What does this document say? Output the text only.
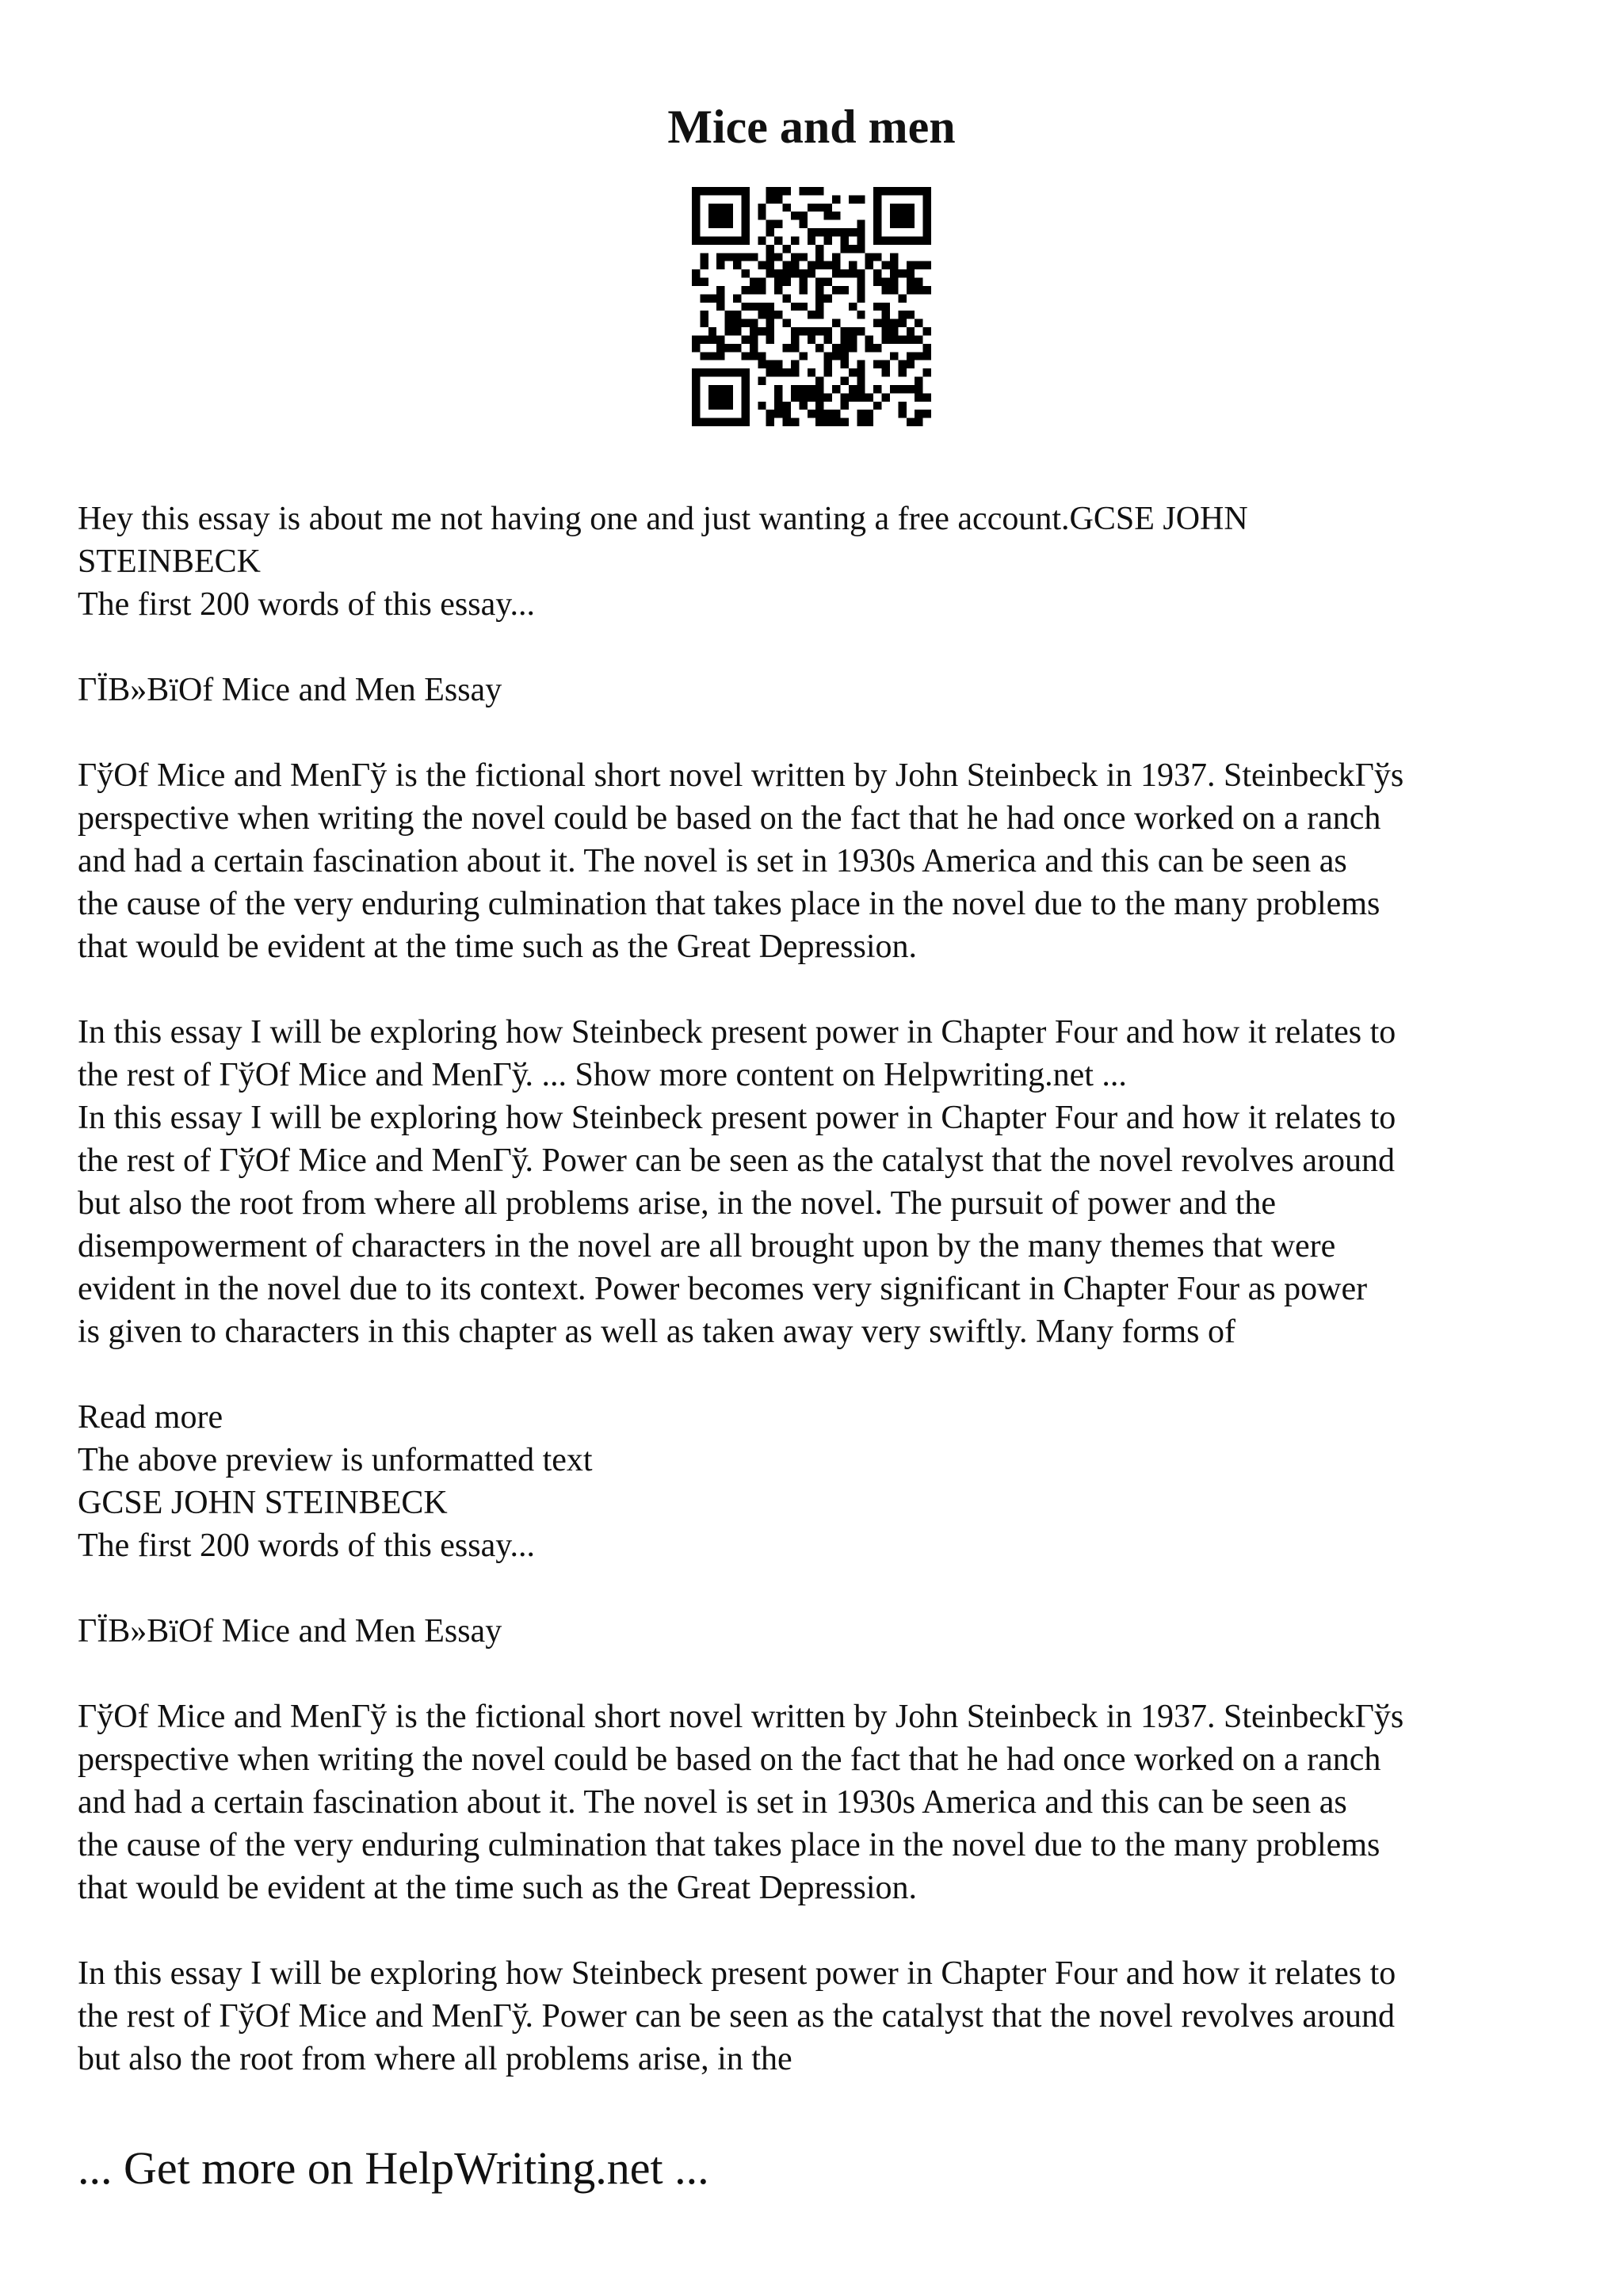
Mice and men
Hey this essay is about me not having one and just wanting a free account.GCSE JOHN
STEINBECK
The first 200 words of this essay...
ГЇВ»ВїOf Mice and Men Essay
ГўOf Mice and MenГў is the fictional short novel written by John Steinbeck in 1937. SteinbeckГўs
perspective when writing the novel could be based on the fact that he had once worked on a ranch
and had a certain fascination about it. The novel is set in 1930s America and this can be seen as
the cause of the very enduring culmination that takes place in the novel due to the many problems
that would be evident at the time such as the Great Depression.
In this essay I will be exploring how Steinbeck present power in Chapter Four and how it relates to
the rest of ГўOf Mice and MenГў. ... Show more content on Helpwriting.net ...
In this essay I will be exploring how Steinbeck present power in Chapter Four and how it relates to
the rest of ГўOf Mice and MenГў. Power can be seen as the catalyst that the novel revolves around
but also the root from where all problems arise, in the novel. The pursuit of power and the
disempowerment of characters in the novel are all brought upon by the many themes that were
evident in the novel due to its context. Power becomes very significant in Chapter Four as power
is given to characters in this chapter as well as taken away very swiftly. Many forms of
Read more
The above preview is unformatted text
GCSE JOHN STEINBECK
The first 200 words of this essay...
ГЇВ»ВїOf Mice and Men Essay
ГўOf Mice and MenГў is the fictional short novel written by John Steinbeck in 1937. SteinbeckГўs
perspective when writing the novel could be based on the fact that he had once worked on a ranch
and had a certain fascination about it. The novel is set in 1930s America and this can be seen as
the cause of the very enduring culmination that takes place in the novel due to the many problems
that would be evident at the time such as the Great Depression.
In this essay I will be exploring how Steinbeck present power in Chapter Four and how it relates to
the rest of ГўOf Mice and MenГў. Power can be seen as the catalyst that the novel revolves around
but also the root from where all problems arise, in the
... Get more on HelpWriting.net ...
